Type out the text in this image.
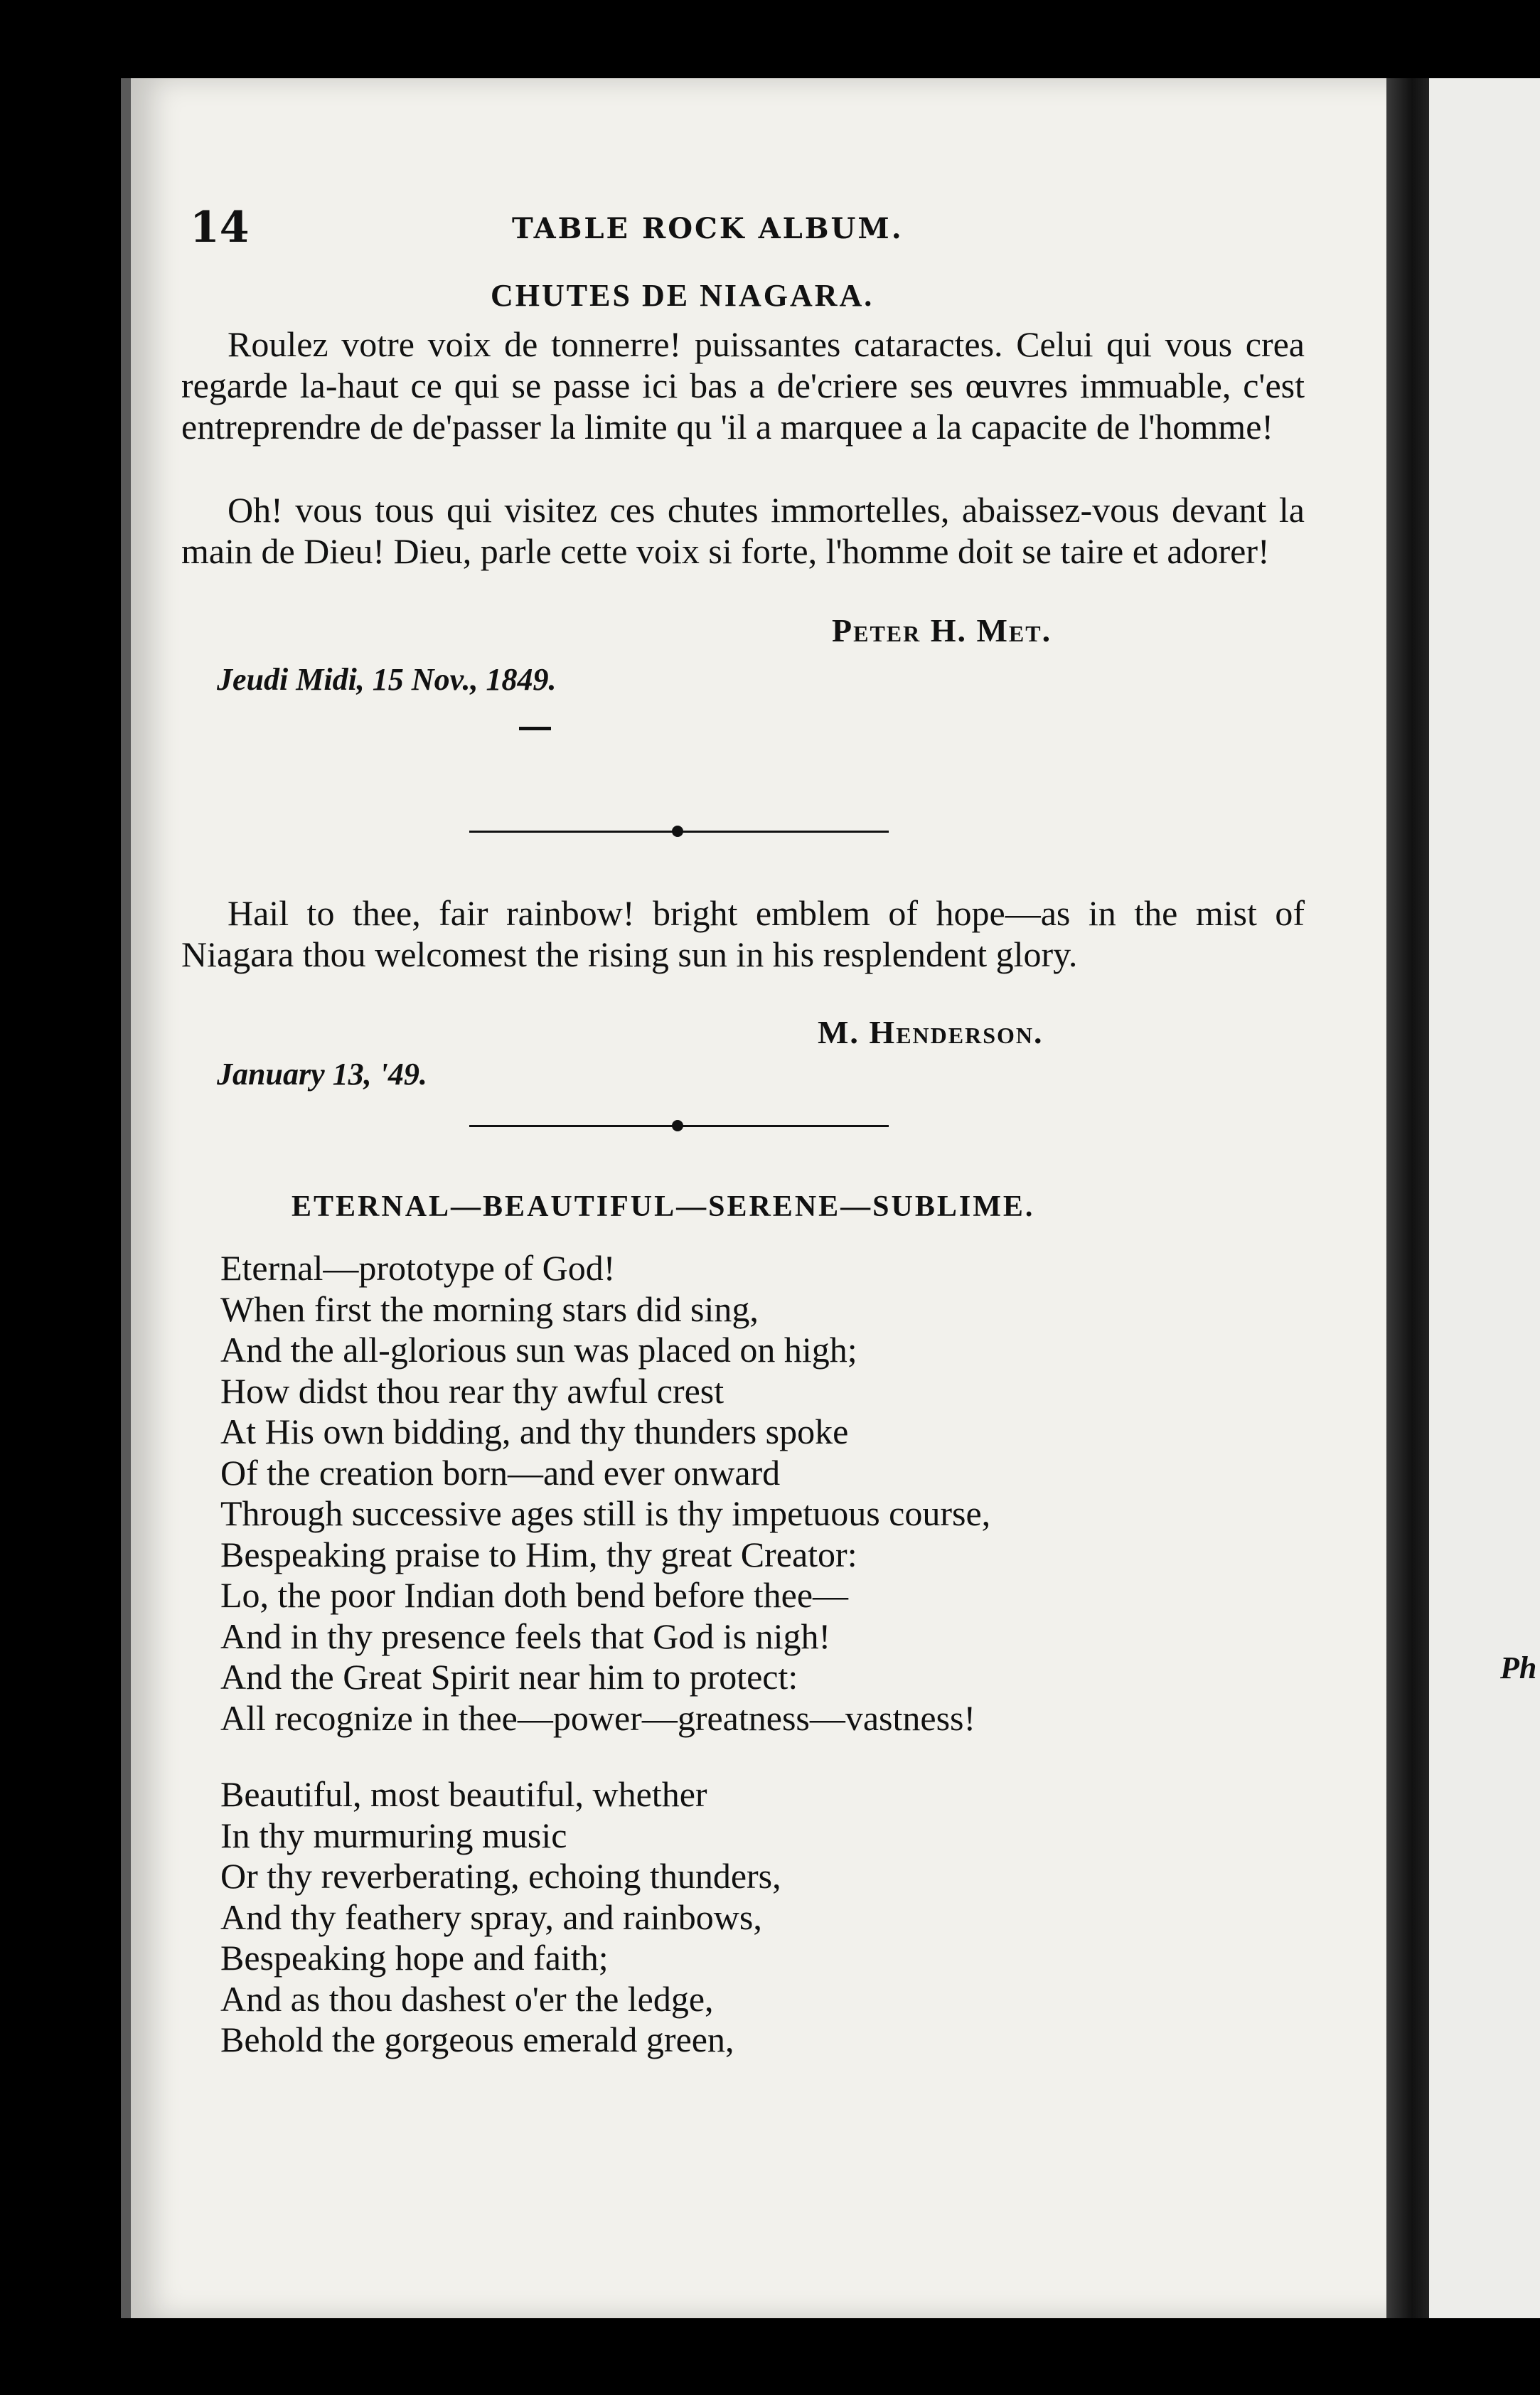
Ph
14	TABLE ROCK ALBUM.
CHUTES DE NIAGARA.

Roulez votre voix de tonnerre! puissantes cataractes. Celui qui vous crea regarde la-haut ce qui se passe ici bas a de'criere ses œuvres immuable, c'est entreprendre de de'passer la limite qu 'il a marquee a la capacite de l'homme!

Oh! vous tous qui visitez ces chutes immortelles, abaissez-vous devant la main de Dieu! Dieu, parle cette voix si forte, l'homme doit se taire et adorer!

Peter H. Met.
Jeudi Midi, 15 Nov., 1849.

Hail to thee, fair rainbow! bright emblem of hope—as in the mist of Niagara thou welcomest the rising sun in his resplendent glory.

M. Henderson.
January 13, '49.
ETERNAL—BEAUTIFUL—SERENE—SUBLIME.
Eternal—prototype of God!
When first the morning stars did sing,
And the all-glorious sun was placed on high;
How didst thou rear thy awful crest
At His own bidding, and thy thunders spoke
Of the creation born—and ever onward
Through successive ages still is thy impetuous course,
Bespeaking praise to Him, thy great Creator:
Lo, the poor Indian doth bend before thee—
And in thy presence feels that God is nigh!
And the Great Spirit near him to protect:
All recognize in thee—power—greatness—vastness!
Beautiful, most beautiful, whether
In thy murmuring music
Or thy reverberating, echoing thunders,
And thy feathery spray, and rainbows,
Bespeaking hope and faith;
And as thou dashest o'er the ledge,
Behold the gorgeous emerald green,
